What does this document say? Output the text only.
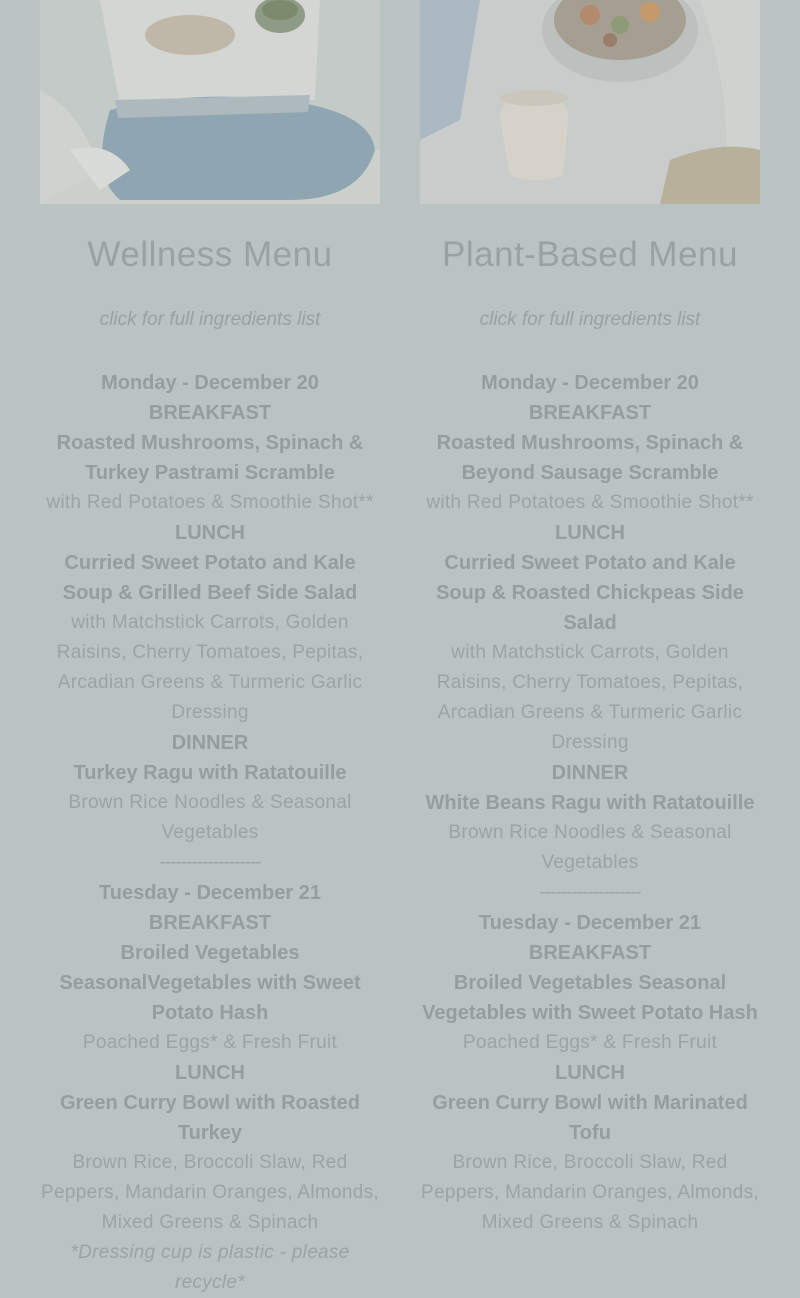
Wellness Menu
click for full ingredients list
Monday - December 20
BREAKFAST
Roasted Mushrooms, Spinach & Turkey Pastrami Scramble
with Red Potatoes & Smoothie Shot**
LUNCH
Curried Sweet Potato and Kale Soup & Grilled Beef Side Salad
with Matchstick Carrots, Golden Raisins, Cherry Tomatoes, Pepitas, Arcadian Greens & Turmeric Garlic Dressing
DINNER
Turkey Ragu with Ratatouille
Brown Rice Noodles & Seasonal Vegetables
-------------------
Tuesday - December 21
BREAKFAST
Broiled Vegetables SeasonalVegetables with Sweet Potato Hash
Poached Eggs* & Fresh Fruit
LUNCH
Green Curry Bowl with Roasted Turkey
Brown Rice, Broccoli Slaw, Red Peppers, Mandarin Oranges, Almonds, Mixed Greens & Spinach
*Dressing cup is plastic - please recycle*
Plant-Based Menu
click for full ingredients list
Monday - December 20
BREAKFAST
Roasted Mushrooms, Spinach & Beyond Sausage Scramble
with Red Potatoes & Smoothie Shot**
LUNCH
Curried Sweet Potato and Kale Soup & Roasted Chickpeas Side Salad
with Matchstick Carrots, Golden Raisins, Cherry Tomatoes, Pepitas, Arcadian Greens & Turmeric Garlic Dressing
DINNER
White Beans Ragu with Ratatouille
Brown Rice Noodles & Seasonal Vegetables
-------------------
Tuesday - December 21
BREAKFAST
Broiled Vegetables Seasonal Vegetables with Sweet Potato Hash
Poached Eggs* & Fresh Fruit
LUNCH
Green Curry Bowl with Marinated Tofu
Brown Rice, Broccoli Slaw, Red Peppers, Mandarin Oranges, Almonds, Mixed Greens & Spinach
